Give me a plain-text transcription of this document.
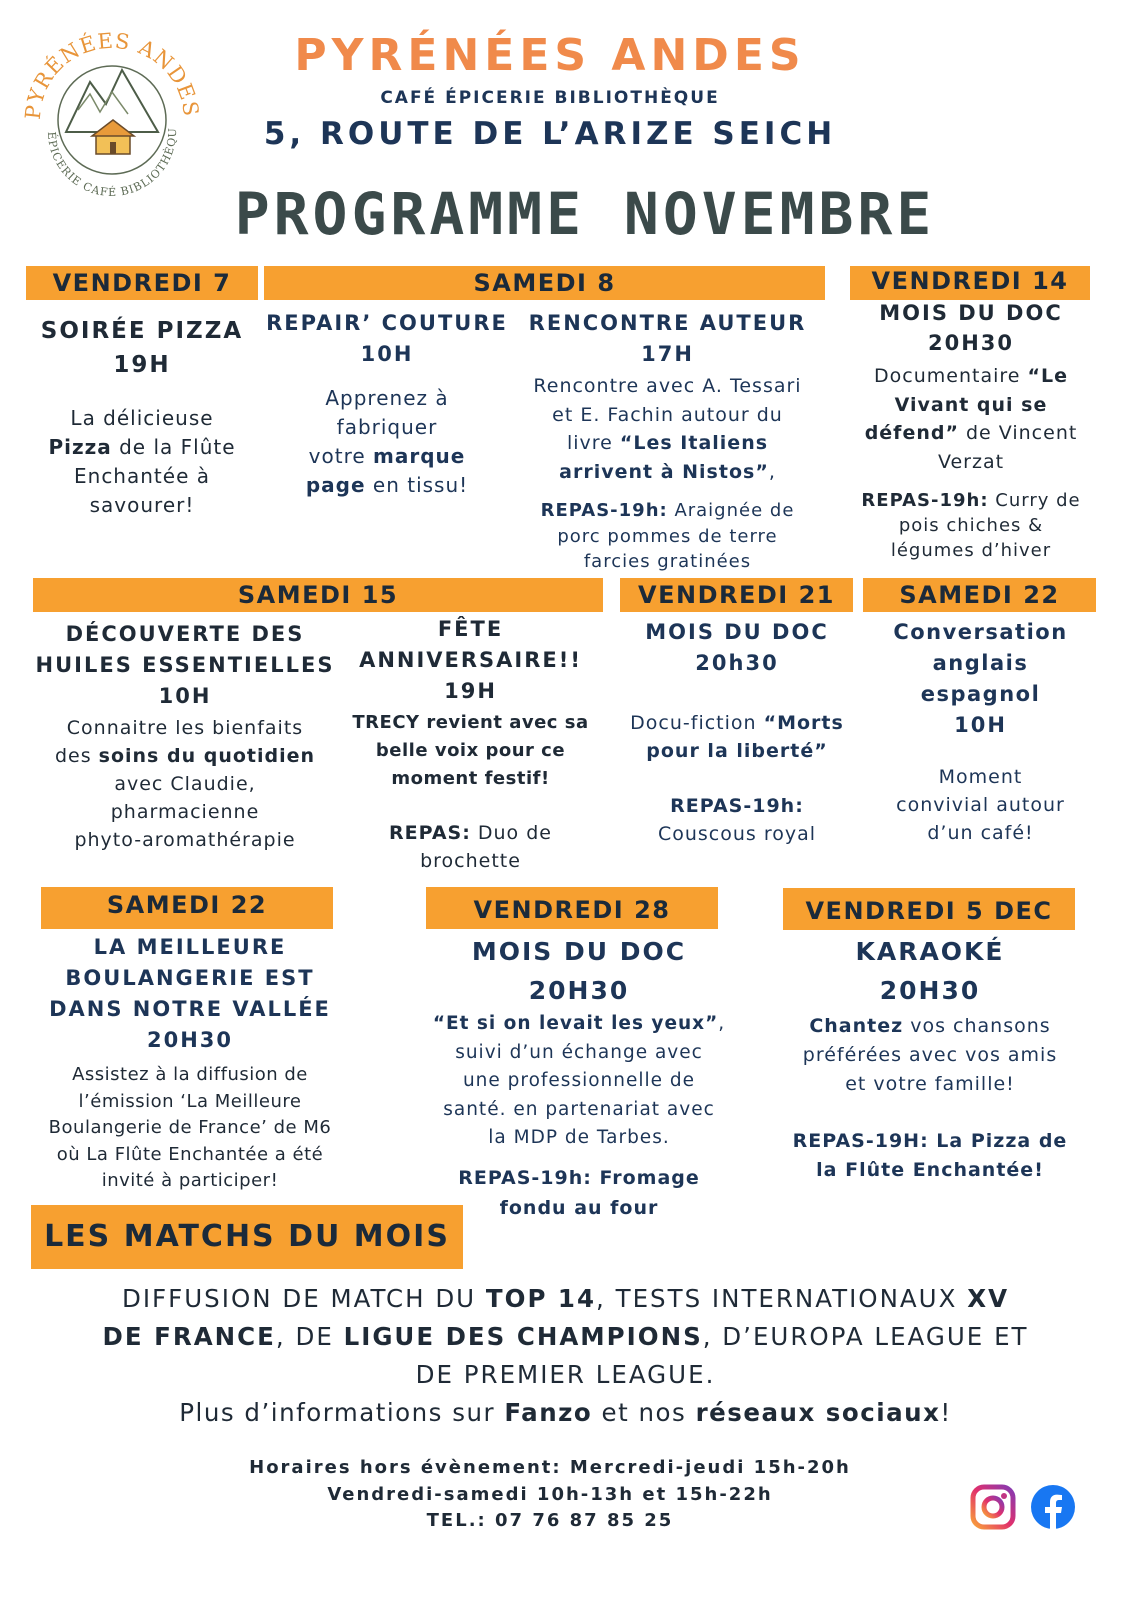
PYRÉNÉES ANDES
ÉPICERIE CAFÉ BIBLIOTHÈQU
PYRÉNÉES ANDES
CAFÉ ÉPICERIE BIBLIOTHÈQUE
5, ROUTE DE L’ARIZE SEICH
PROGRAMME NOVEMBRE
VENDREDI 7	SAMEDI 8	VENDREDI 14
SOIRÉE PIZZA
19H
La délicieuse
Pizza de la Flûte
Enchantée à
savourer!
REPAIR’ COUTURE
10H
Apprenez à
fabriquer
votre marque
page en tissu!
RENCONTRE AUTEUR
17H
Rencontre avec A. Tessari
et E. Fachin autour du
livre “Les Italiens
arrivent à Nistos”,
REPAS-19h: Araignée de
porc pommes de terre
farcies gratinées
MOIS DU DOC
20H30
Documentaire “Le
Vivant qui se
défend” de Vincent
Verzat
REPAS-19h: Curry de
pois chiches &
légumes d’hiver
SAMEDI 15	VENDREDI 21	SAMEDI 22
DÉCOUVERTE DES
HUILES ESSENTIELLES
10H
Connaitre les bienfaits
des soins du quotidien
avec Claudie,
pharmacienne
phyto-aromathérapie
FÊTE
ANNIVERSAIRE!!
19H
TRECY revient avec sa
belle voix pour ce
moment festif!
REPAS: Duo de
brochette
MOIS DU DOC
20h30
Docu-fiction “Morts
pour la liberté”
REPAS-19h:
Couscous royal
Conversation
anglais
espagnol
10H
Moment
convivial autour
d’un café!
SAMEDI 22	VENDREDI 28	VENDREDI 5 DEC
LA MEILLEURE
BOULANGERIE EST
DANS NOTRE VALLÉE
20H30
Assistez à la diffusion de
l’émission ‘La Meilleure
Boulangerie de France’ de M6
où La Flûte Enchantée a été
invité à participer!
MOIS DU DOC
20H30
“Et si on levait les yeux”,
suivi d’un échange avec
une professionnelle de
santé. en partenariat avec
la MDP de Tarbes.
REPAS-19h: Fromage
fondu au four
KARAOKÉ
20H30
Chantez vos chansons
préférées avec vos amis
et votre famille!
REPAS-19H: La Pizza de
la Flûte Enchantée!
LES MATCHS DU MOIS
DIFFUSION DE MATCH DU TOP 14, TESTS INTERNATIONAUX XV
DE FRANCE, DE LIGUE DES CHAMPIONS, D’EUROPA LEAGUE ET
DE PREMIER LEAGUE.
Plus d’informations sur Fanzo et nos réseaux sociaux!
Horaires hors évènement: Mercredi-jeudi 15h-20h
Vendredi-samedi 10h-13h et 15h-22h
TEL.: 07 76 87 85 25
